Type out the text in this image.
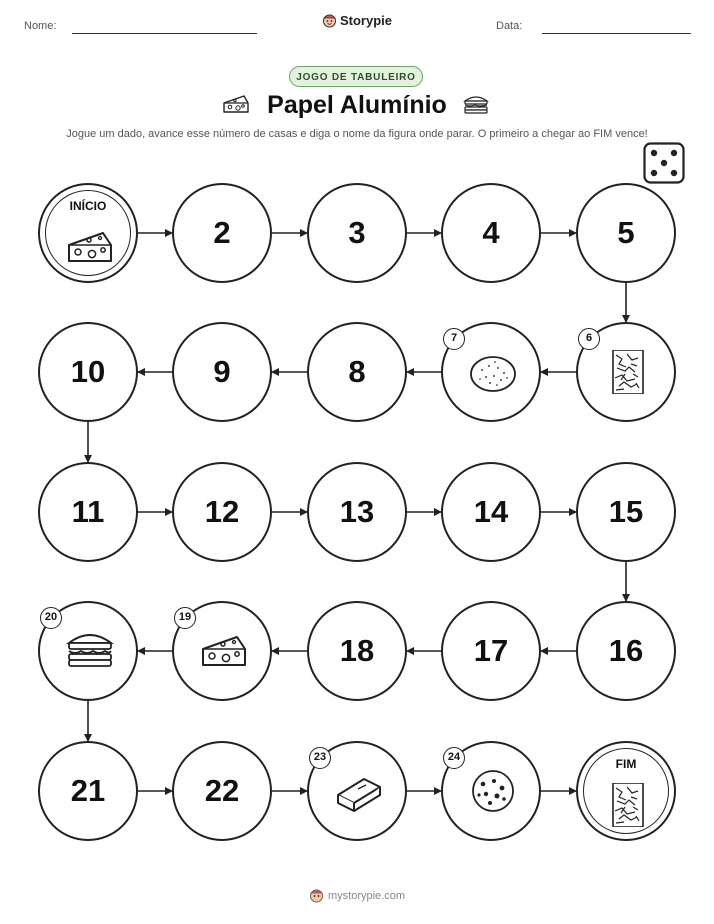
Nome:	Data:
Storypie
JOGO DE TABULEIRO
Papel Alumínio
Jogue um dado, avance esse número de casas e diga o nome da figura onde parar. O primeiro a chegar ao FIM vence!
INÍCIO
2	3	4	5
6
7
8
9
10
11	12	13	14	15
16
17
18
19
20
21	22
23	24	FIM
mystorypie.com
